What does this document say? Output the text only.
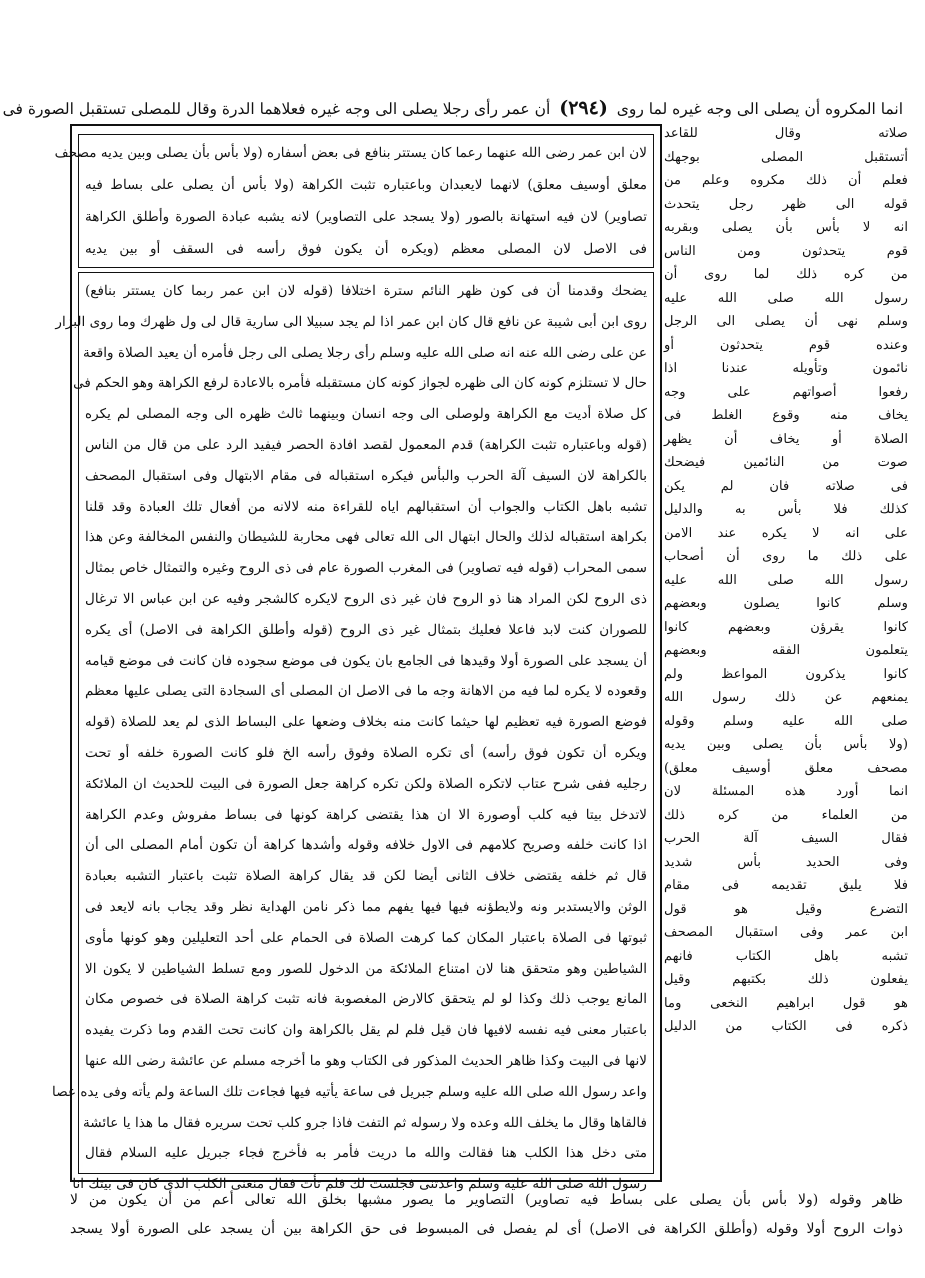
انما المكروه أن يصلى الى وجه غيره لما روى (٢٩٤) أن عمر رأى رجلا يصلى الى وجه غيره فعلاهما الدرة وقال للمصلى تستقبل الصورة فى
لان ابن عمر رضى الله عنهما رعما كان يستتر بنافع فى بعض أسفاره (ولا بأس بأن يصلى وبين يديه مصحف
معلق أوسيف معلق) لانهما لايعبدان وباعتباره تثبت الكراهة (ولا بأس أن يصلى على بساط فيه
تصاوير) لان فيه استهانة بالصور (ولا يسجد على التصاوير) لانه يشبه عبادة الصورة وأطلق الكراهة
فى الاصل لان المصلى معظم (ويكره أن يكون فوق رأسه فى السقف أو بين يديه
يضحك وقدمنا أن فى كون ظهر النائم سترة اختلافا (قوله لان ابن عمر ربما كان يستتر بنافع)
روى ابن أبى شيبة عن نافع قال كان ابن عمر اذا لم يجد سبيلا الى سارية قال لى ول ظهرك وما روى البزار
عن على رضى الله عنه انه صلى الله عليه وسلم رأى رجلا يصلى الى رجل فأمره أن يعيد الصلاة واقعة
حال لا تستلزم كونه كان الى ظهره لجواز كونه كان مستقبله فأمره بالاعادة لرفع الكراهة وهو الحكم فى
كل صلاة أديت مع الكراهة ولوصلى الى وجه انسان وبينهما ثالث ظهره الى وجه المصلى لم يكره
(قوله وباعتباره تثبت الكراهة) قدم المعمول لقصد افادة الحصر فيفيد الرد على من قال من الناس
بالكراهة لان السيف آلة الحرب والبأس فيكره استقباله فى مقام الابتهال وفى استقبال المصحف
تشبه باهل الكتاب والجواب أن استقبالهم اياه للقراءة منه لالانه من أفعال تلك العبادة وقد قلنا
بكراهة استقباله لذلك والحال ابتهال الى الله تعالى فهى محاربة للشيطان والنفس المخالفة وعن هذا
سمى المحراب (قوله فيه تصاوير) فى المغرب الصورة عام فى ذى الروح وغيره والتمثال خاص بمثال
ذى الروح لكن المراد هنا ذو الروح فان غير ذى الروح لايكره كالشجر وفيه عن ابن عباس الا ترغال
للصوران كنت لابد فاعلا فعليك بتمثال غير ذى الروح (قوله وأطلق الكراهة فى الاصل) أى يكره
أن يسجد على الصورة أولا وقيدها فى الجامع بان يكون فى موضع سجوده فان كانت فى موضع قيامه
وقعوده لا يكره لما فيه من الاهانة وجه ما فى الاصل ان المصلى أى السجادة التى يصلى عليها معظم
فوضع الصورة فيه تعظيم لها حيثما كانت منه بخلاف وضعها على البساط الذى لم يعد للصلاة (قوله
ويكره أن تكون فوق رأسه) أى تكره الصلاة وفوق رأسه الخ فلو كانت الصورة خلفه أو تحت
رجليه ففى شرح عتاب لاتكره الصلاة ولكن تكره كراهة جعل الصورة فى البيت للحديث ان الملائكة
لاتدخل بيتا فيه كلب أوصورة الا ان هذا يقتضى كراهة كونها فى بساط مفروش وعدم الكراهة
اذا كانت خلفه وصريح كلامهم فى الاول خلافه وقوله وأشدها كراهة أن تكون أمام المصلى الى أن
قال ثم خلفه يقتضى خلاف الثانى أيضا لكن قد يقال كراهة الصلاة تثبت باعتبار التشبه بعبادة
الوثن والايستدبر ونه ولايطؤنه فيها فيها يفهم مما ذكر نامن الهداية نظر وقد يجاب بانه لايعد فى
ثبوتها فى الصلاة باعتبار المكان كما كرهت الصلاة فى الحمام على أحد التعليلين وهو كونها مأوى
الشياطين وهو متحقق هنا لان امتناع الملائكة من الدخول للصور ومع تسلط الشياطين لا يكون الا
المانع يوجب ذلك وكذا لو لم يتحقق كالارض المغصوبة فانه تثبت كراهة الصلاة فى خصوص مكان
باعتبار معنى فيه نفسه لافيها فان قيل فلم لم يقل بالكراهة وان كانت تحت القدم وما ذكرت يفيده
لانها فى البيت وكذا ظاهر الحديث المذكور فى الكتاب وهو ما أخرجه مسلم عن عائشة رضى الله عنها
واعد رسول الله صلى الله عليه وسلم جبريل فى ساعة يأتيه فيها فجاءت تلك الساعة ولم يأته وفى يده عصا
فالقاها وقال ما يخلف الله وعده ولا رسوله ثم التفت فاذا جرو كلب تحت سريره فقال ما هذا يا عائشة
متى دخل هذا الكلب هنا فقالت والله ما دريت فأمر به فأخرج فجاء جبريل عليه السلام فقال
رسول الله صلى الله عليه وسلم واعدتنى فجلست لك فلم تأت فقال منعنى الكلب الذى كان فى بيتك انا
صلاته وقال للقاعد
أتستقبل المصلى بوجهك
فعلم أن ذلك مكروه وعلم من
قوله الى ظهر رجل يتحدث
انه لا بأس بأن يصلى وبقربه
قوم يتحدثون ومن الناس
من كره ذلك لما روى أن
رسول الله صلى الله عليه
وسلم نهى أن يصلى الى الرجل
وعنده قوم يتحدثون أو
نائمون وتأويله عندنا اذا
رفعوا أصواتهم على وجه
يخاف منه وقوع الغلط فى
الصلاة أو يخاف أن يظهر
صوت من النائمين فيضحك
فى صلاته فان لم يكن
كذلك فلا بأس به والدليل
على انه لا يكره عند الامن
على ذلك ما روى أن أصحاب
رسول الله صلى الله عليه
وسلم كانوا يصلون وبعضهم
كانوا يقرؤن وبعضهم كانوا
يتعلمون الفقه وبعضهم
كانوا يذكرون المواعظ ولم
يمنعهم عن ذلك رسول الله
صلى الله عليه وسلم وقوله
(ولا بأس بأن يصلى وبين يديه
مصحف معلق أوسيف معلق)
انما أورد هذه المسئلة لان
من العلماء من كره ذلك
فقال السيف آلة الحرب
وفى الحديد بأس شديد
فلا يليق تقديمه فى مقام
التضرع وقيل هو قول
ابن عمر وفى استقبال المصحف
تشبه باهل الكتاب فانهم
يفعلون ذلك بكتبهم وقيل
هو قول ابراهيم النخعى وما
ذكره فى الكتاب من الدليل
ظاهر وقوله (ولا بأس بأن يصلى على بساط فيه تصاوير) التصاوير ما يصور مشبها بخلق الله تعالى أعم من أن يكون من لا
ذوات الروح أولا وقوله (وأطلق الكراهة فى الاصل) أى لم يفصل فى المبسوط فى حق الكراهة بين أن يسجد على الصورة أولا يسجد
